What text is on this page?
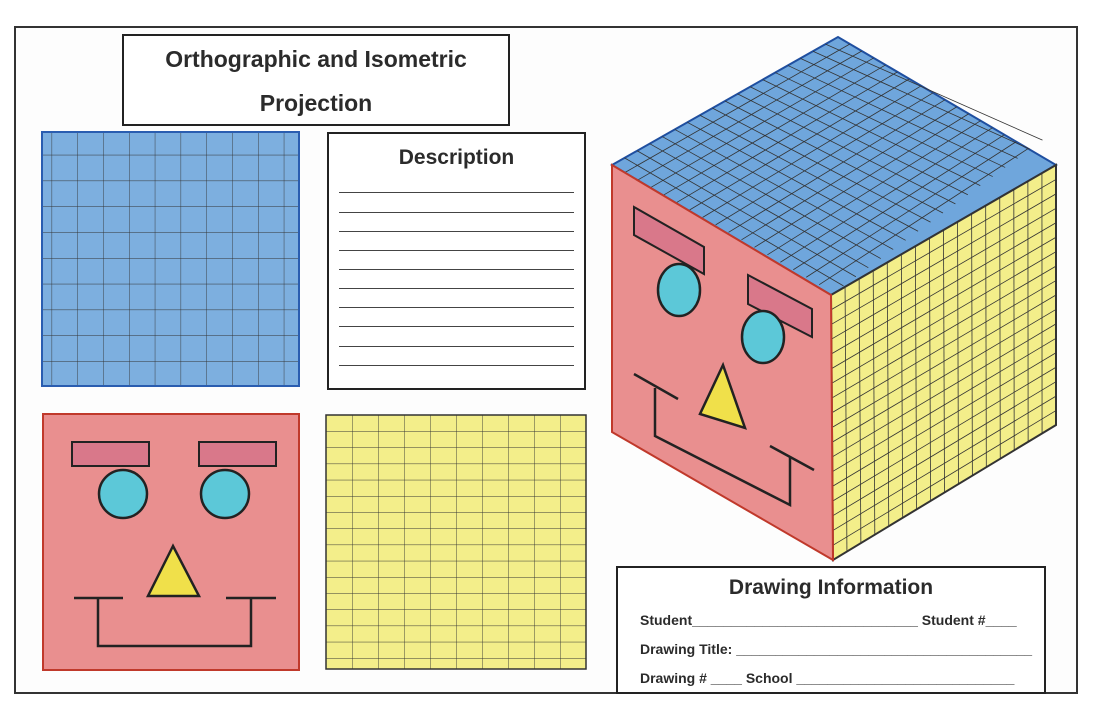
Orthographic and Isometric
Projection
Description
Drawing Information
Student_____________________________ Student #____
Drawing Title: ______________________________________
Drawing # ____ School ____________________________
